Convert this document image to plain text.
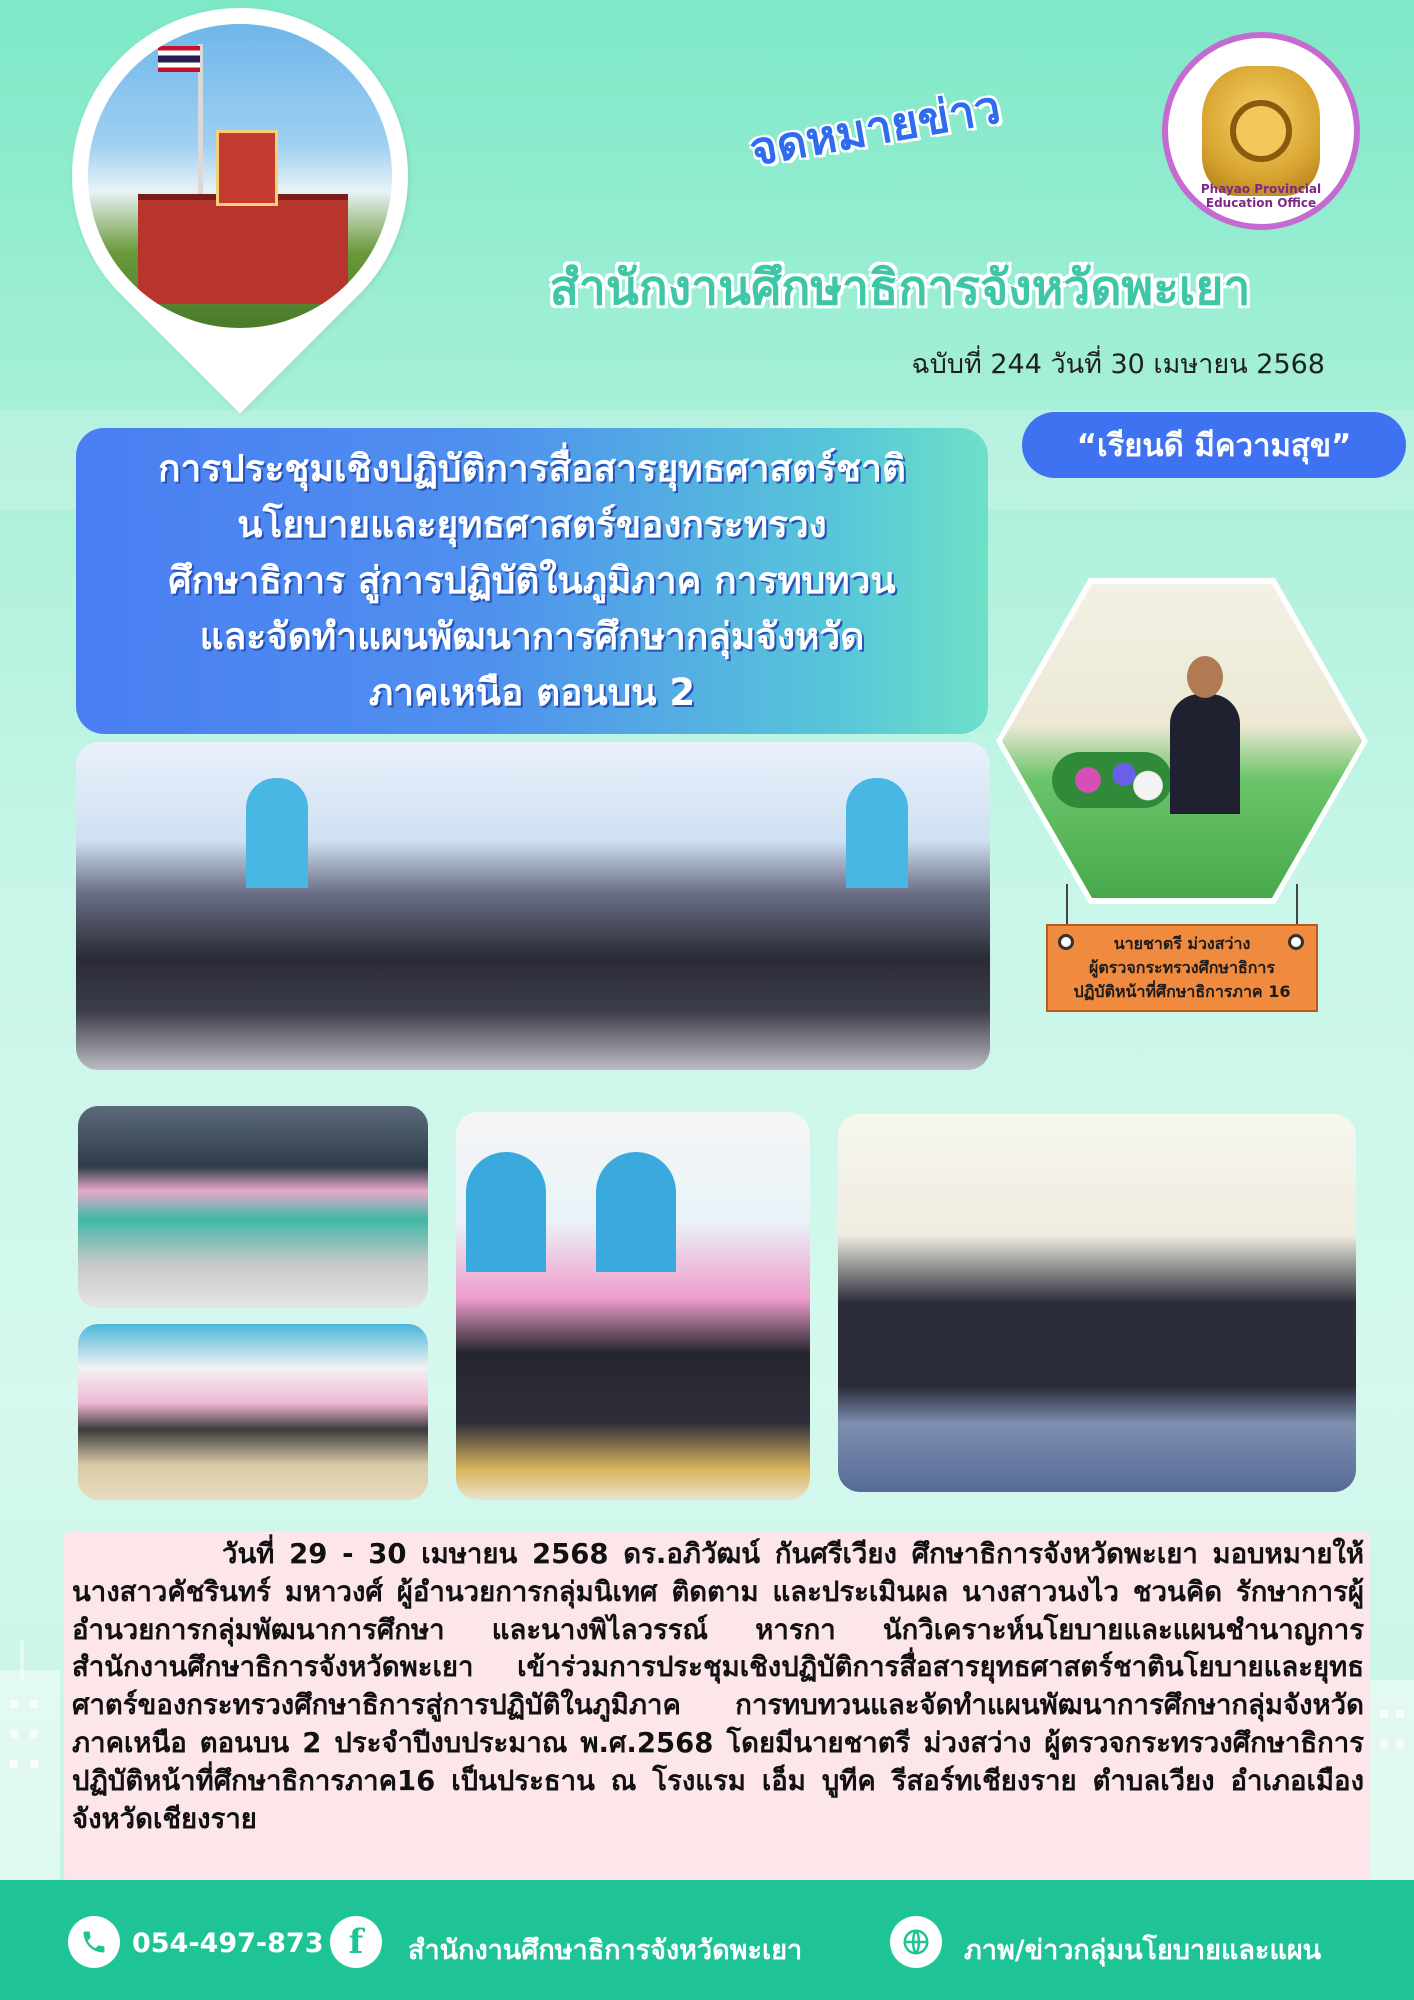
Phayao Provincial Education Office
จดหมายข่าว
สำนักงานศึกษาธิการจังหวัดพะเยา
ฉบับที่ 244 วันที่ 30 เมษายน 2568
“เรียนดี มีความสุข”
การประชุมเชิงปฏิบัติการสื่อสารยุทธศาสตร์ชาติ
นโยบายและยุทธศาสตร์ของกระทรวง
ศึกษาธิการ สู่การปฏิบัติในภูมิภาค การทบทวน
และจัดทำแผนพัฒนาการศึกษากลุ่มจังหวัด
ภาคเหนือ ตอนบน 2
นายชาตรี ม่วงสว่าง
ผู้ตรวจกระทรวงศึกษาธิการ
ปฏิบัติหน้าที่ศึกษาธิการภาค 16
วันที่ 29 - 30 เมษายน 2568 ดร.อภิวัฒน์ กันศรีเวียง ศึกษาธิการจังหวัดพะเยา มอบหมายให้นางสาวคัชรินทร์ มหาวงศ์ ผู้อำนวยการกลุ่มนิเทศ ติดตาม และประเมินผล นางสาวนงไว ชวนคิด รักษาการผู้อำนวยการกลุ่มพัฒนาการศึกษา และนางพิไลวรรณ์ หารกา นักวิเคราะห์นโยบายและแผนชำนาญการ สำนักงานศึกษาธิการจังหวัดพะเยา เข้าร่วมการประชุมเชิงปฏิบัติการสื่อสารยุทธศาสตร์ชาตินโยบายและยุทธศาตร์ของกระทรวงศึกษาธิการสู่การปฏิบัติในภูมิภาค การทบทวนและจัดทำแผนพัฒนาการศึกษากลุ่มจังหวัดภาคเหนือ ตอนบน 2 ประจำปีงบประมาณ พ.ศ.2568 โดยมีนายชาตรี ม่วงสว่าง ผู้ตรวจกระทรวงศึกษาธิการ ปฏิบัติหน้าที่ศึกษาธิการภาค16 เป็นประธาน ณ โรงแรม เอ็ม บูทีค รีสอร์ทเชียงราย ตำบลเวียง อำเภอเมือง จังหวัดเชียงราย
054-497-873 f สำนักงานศึกษาธิการจังหวัดพะเยา	ภาพ/ข่าวกลุ่มนโยบายและแผน
